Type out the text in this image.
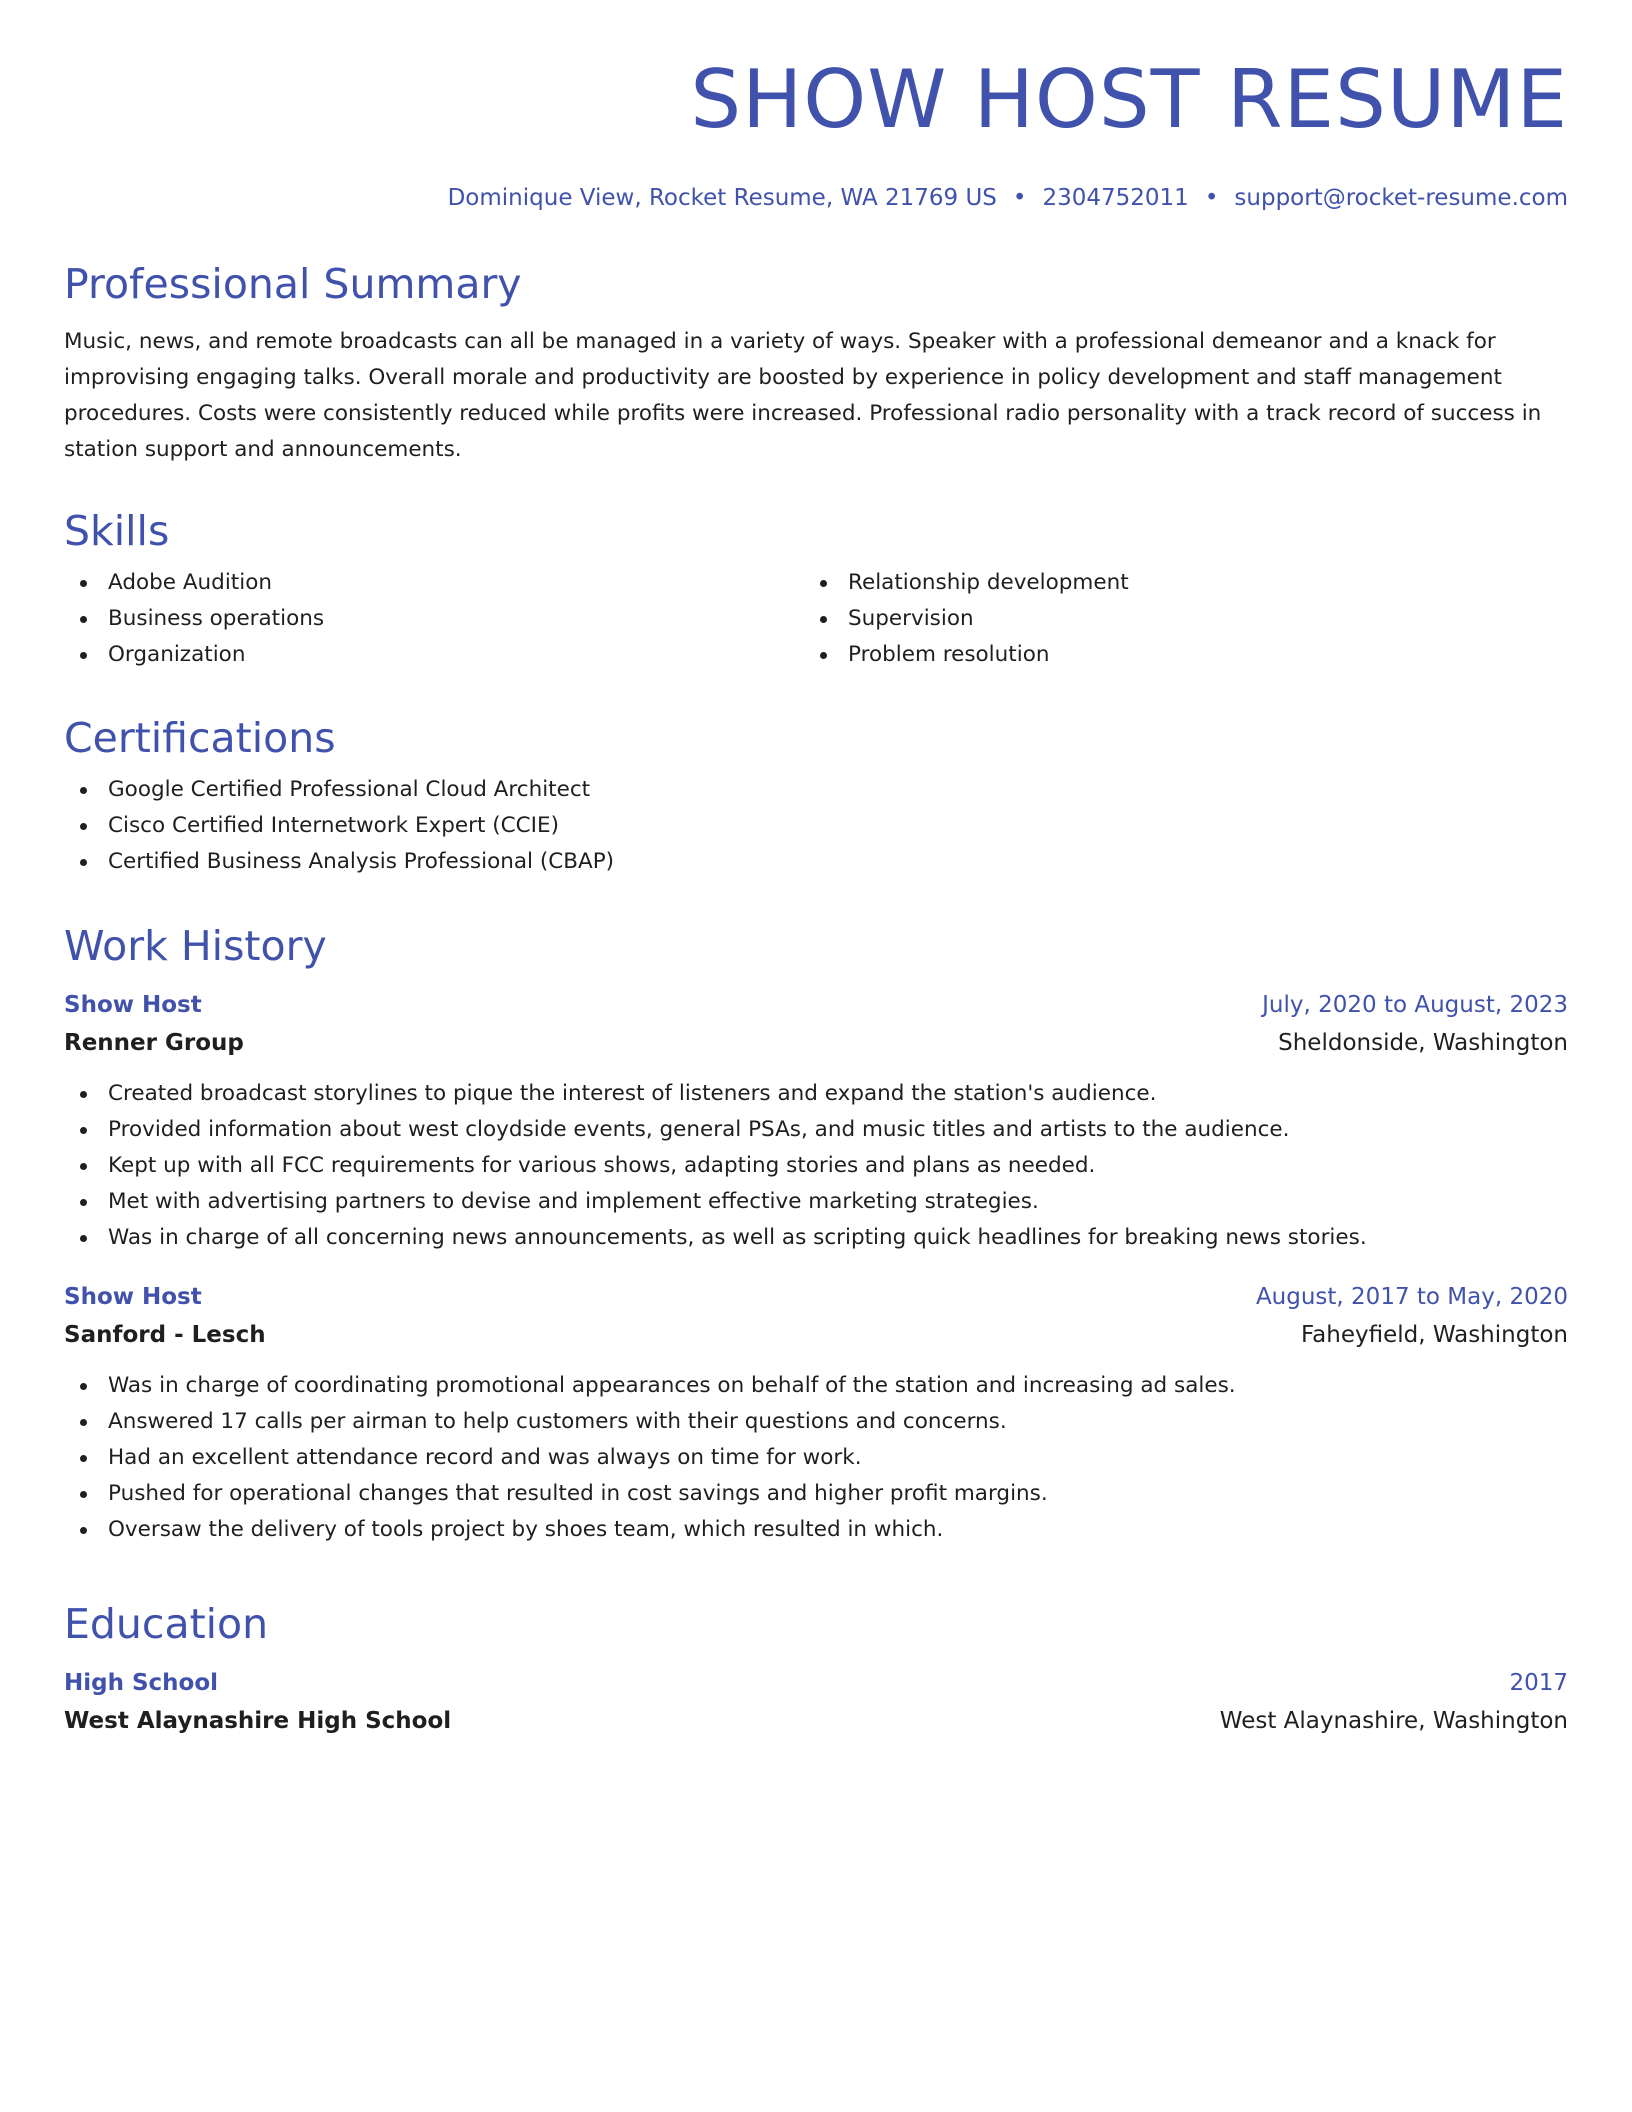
SHOW HOST RESUME
Dominique View, Rocket Resume, WA 21769 US • 2304752011 • support@rocket-resume.com
Professional Summary

Music, news, and remote broadcasts can all be managed in a variety of ways. Speaker with a professional demeanor and a knack for improvising engaging talks. Overall morale and productivity are boosted by experience in policy development and staff management procedures. Costs were consistently reduced while profits were increased. Professional radio personality with a track record of success in station support and announcements.

Skills
Adobe Audition
Business operations
Organization
Relationship development
Supervision
Problem resolution
Certifications
Google Certified Professional Cloud Architect
Cisco Certified Internetwork Expert (CCIE)
Certified Business Analysis Professional (CBAP)
Work History
Show Host	July, 2020 to August, 2023
Renner Group	Sheldonside, Washington
Created broadcast storylines to pique the interest of listeners and expand the station's audience.
Provided information about west cloydside events, general PSAs, and music titles and artists to the audience.
Kept up with all FCC requirements for various shows, adapting stories and plans as needed.
Met with advertising partners to devise and implement effective marketing strategies.
Was in charge of all concerning news announcements, as well as scripting quick headlines for breaking news stories.
Show Host	August, 2017 to May, 2020
Sanford - Lesch	Faheyfield, Washington
Was in charge of coordinating promotional appearances on behalf of the station and increasing ad sales.
Answered 17 calls per airman to help customers with their questions and concerns.
Had an excellent attendance record and was always on time for work.
Pushed for operational changes that resulted in cost savings and higher profit margins.
Oversaw the delivery of tools project by shoes team, which resulted in which.
Education
High School	2017
West Alaynashire High School	West Alaynashire, Washington
